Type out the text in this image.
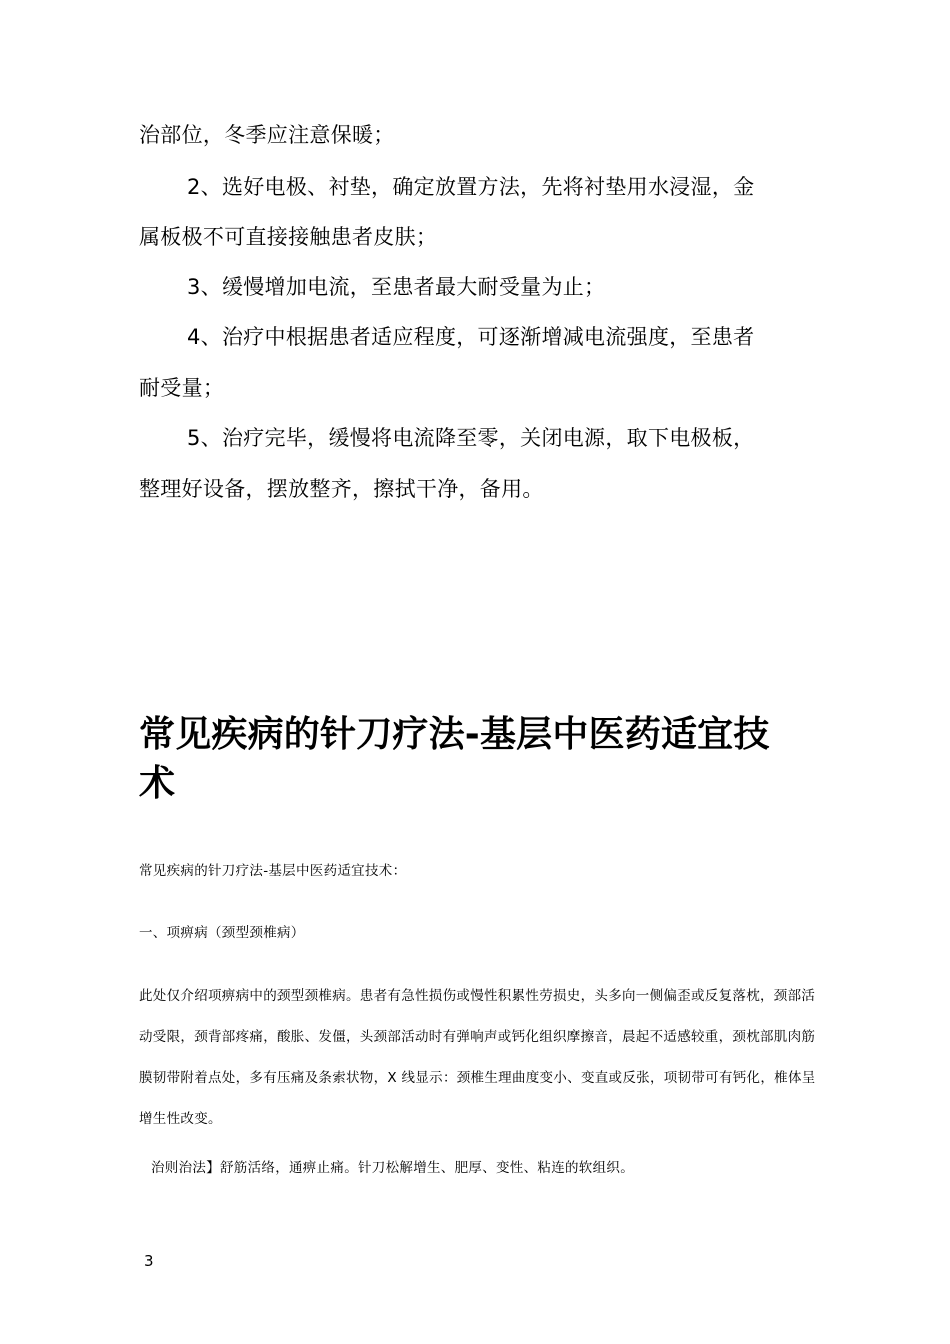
治部位，冬季应注意保暖；

2、选好电极、衬垫，确定放置方法，先将衬垫用水浸湿，金

属板极不可直接接触患者皮肤；

3、缓慢增加电流，至患者最大耐受量为止；

4、治疗中根据患者适应程度，可逐渐增减电流强度，至患者

耐受量；

5、治疗完毕，缓慢将电流降至零，关闭电源，取下电极板，

整理好设备，摆放整齐，擦拭干净，备用。

常见疾病的针刀疗法-基层中医药适宜技
术

常见疾病的针刀疗法-基层中医药适宜技术：

一、项痹病（颈型颈椎病）

此处仅介绍项痹病中的颈型颈椎病。患者有急性损伤或慢性积累性劳损史，头多向一侧偏歪或反复落枕，颈部活

动受限，颈背部疼痛，酸胀、发僵，头颈部活动时有弹响声或钙化组织摩擦音，晨起不适感较重，颈枕部肌肉筋

膜韧带附着点处，多有压痛及条索状物，X 线显示：颈椎生理曲度变小、变直或反张，项韧带可有钙化，椎体呈

增生性改变。

治则治法】舒筋活络，通痹止痛。针刀松解增生、肥厚、变性、粘连的软组织。

3
